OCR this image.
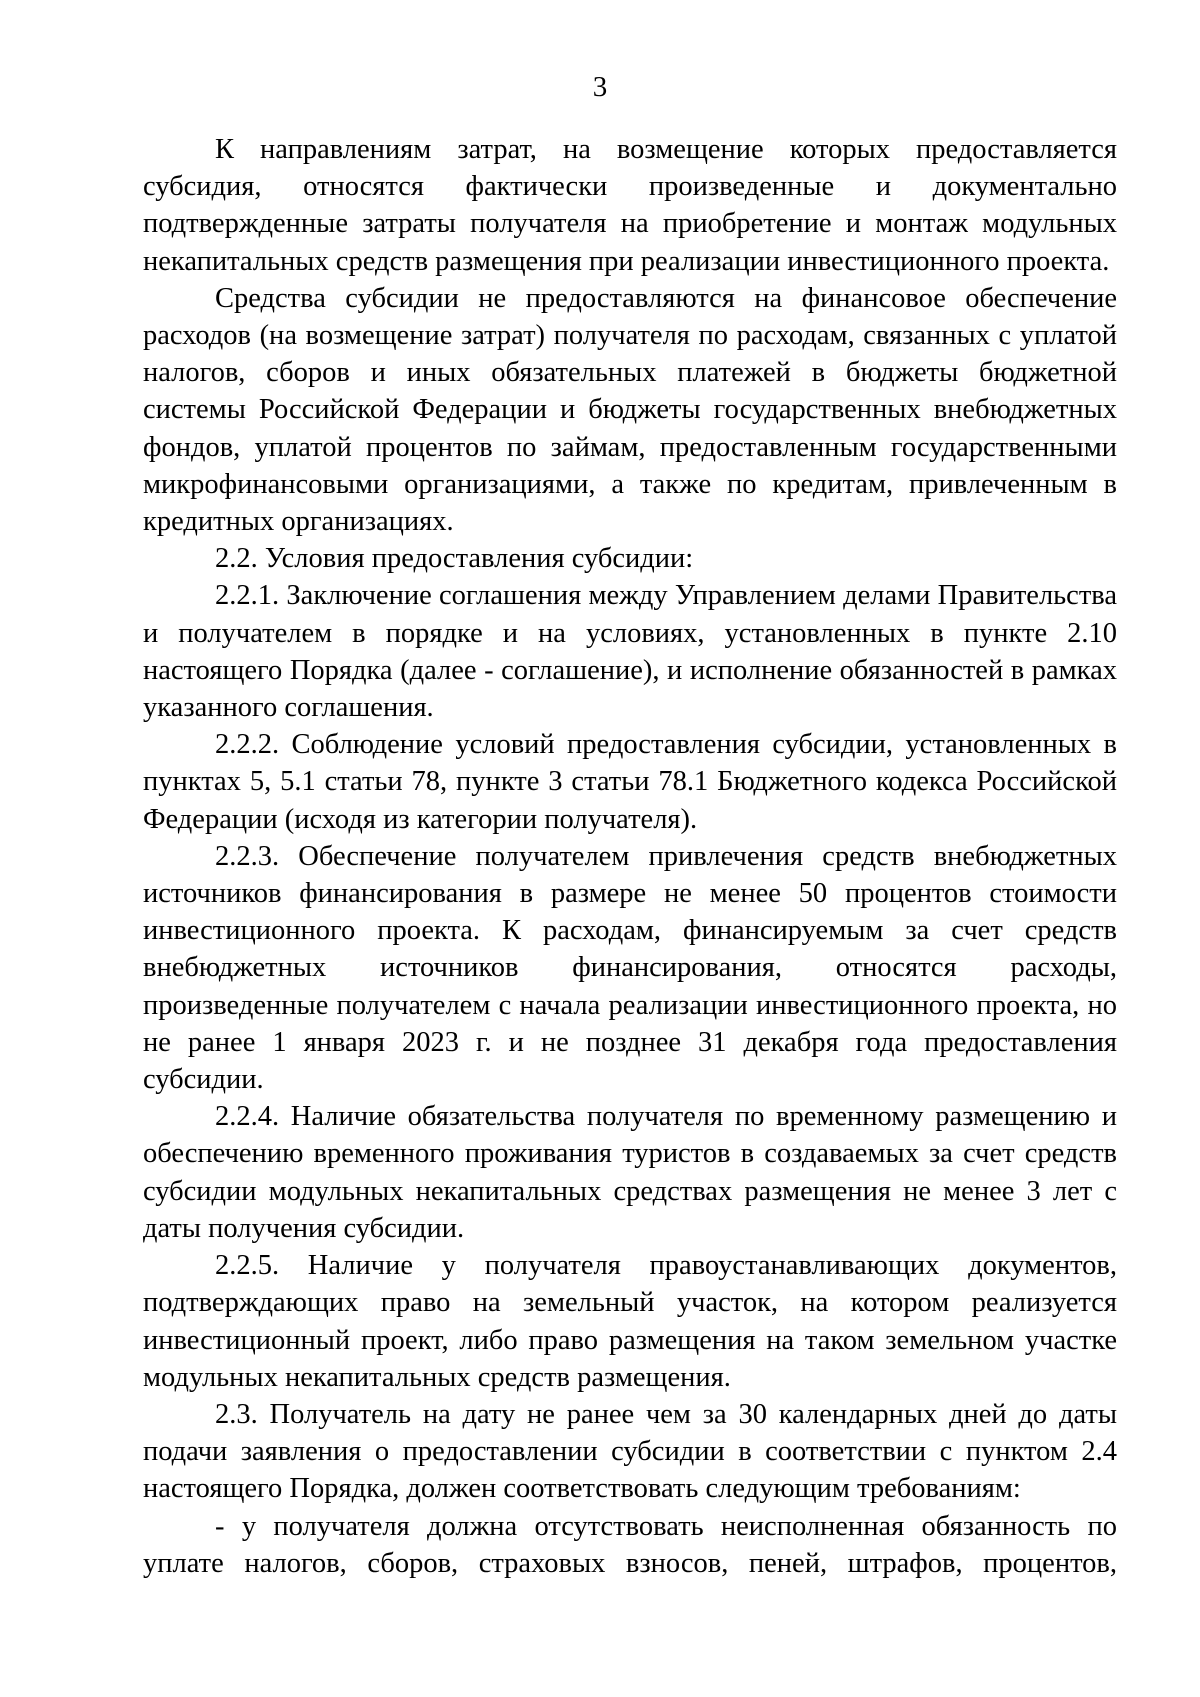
3

К направлениям затрат, на возмещение которых предоставляется субсидия, относятся фактически произведенные и документально подтвержденные затраты получателя на приобретение и монтаж модульных некапитальных средств размещения при реализации инвестиционного проекта.

Средства субсидии не предоставляются на финансовое обеспечение расходов (на возмещение затрат) получателя по расходам, связанных с уплатой налогов, сборов и иных обязательных платежей в бюджеты бюджетной системы Российской Федерации и бюджеты государственных внебюджетных фондов, уплатой процентов по займам, предоставленным государственными микрофинансовыми организациями, а также по кредитам, привлеченным в кредитных организациях.

2.2. Условия предоставления субсидии:

2.2.1. Заключение соглашения между Управлением делами Правительства и получателем в порядке и на условиях, установленных в пункте 2.10 настоящего Порядка (далее - соглашение), и исполнение обязанностей в рамках указанного соглашения.

2.2.2. Соблюдение условий предоставления субсидии, установленных в пунктах 5, 5.1 статьи 78, пункте 3 статьи 78.1 Бюджетного кодекса Российской Федерации (исходя из категории получателя).

2.2.3. Обеспечение получателем привлечения средств внебюджетных источников финансирования в размере не менее 50 процентов стоимости инвестиционного проекта. К расходам, финансируемым за счет средств внебюджетных источников финансирования, относятся расходы, произведенные получателем с начала реализации инвестиционного проекта, но не ранее 1 января 2023 г. и не позднее 31 декабря года предоставления субсидии.

2.2.4. Наличие обязательства получателя по временному размещению и обеспечению временного проживания туристов в создаваемых за счет средств субсидии модульных некапитальных средствах размещения не менее 3 лет с даты получения субсидии.

2.2.5. Наличие у получателя правоустанавливающих документов, подтверждающих право на земельный участок, на котором реализуется инвестиционный проект, либо право размещения на таком земельном участке модульных некапитальных средств размещения.

2.3. Получатель на дату не ранее чем за 30 календарных дней до даты подачи заявления о предоставлении субсидии в соответствии с пунктом 2.4 настоящего Порядка, должен соответствовать следующим требованиям:

- у получателя должна отсутствовать неисполненная обязанность по уплате налогов, сборов, страховых взносов, пеней, штрафов, процентов,
